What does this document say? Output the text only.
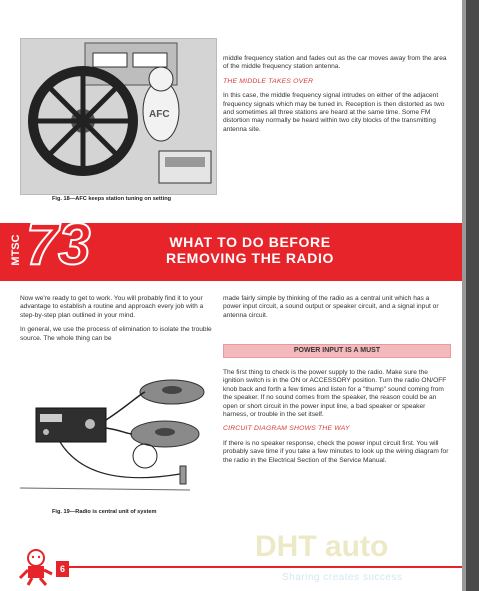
AFC
Fig. 18—AFC keeps station tuning on setting

middle frequency station and fades out as the car moves away from the area of the middle frequency station antenna.

THE MIDDLE TAKES OVER

In this case, the middle frequency signal intrudes on either of the adjacent frequency signals which may be tuned in. Reception is then distorted as two and sometimes all three stations are heard at the same time. Some FM distortion may normally be heard within two city blocks of the transmitting antenna site.

MTSC 73	WHAT TO DO BEFORE
REMOVING THE RADIO

Now we're ready to get to work. You will probably find it to your advantage to establish a routine and approach every job with a step-by-step plan outlined in your mind.

In general, we use the process of elimination to isolate the trouble source. The whole thing can be

Fig. 19—Radio is central unit of system

made fairly simple by thinking of the radio as a central unit which has a power input circuit, a sound output or speaker circuit, and a signal input or antenna circuit.

POWER INPUT IS A MUST

The first thing to check is the power supply to the radio. Make sure the ignition switch is in the ON or ACCESSORY position. Turn the radio ON/OFF knob back and forth a few times and listen for a "thump" sound coming from the speaker. If no sound comes from the speaker, the reason could be an open or short circuit in the power input line, a bad speaker or speaker harness, or trouble in the set itself.

CIRCUIT DIAGRAM SHOWS THE WAY

If there is no speaker response, check the power input circuit first. You will probably save time if you take a few minutes to look up the wiring diagram for the radio in the Electrical Section of the Service Manual.

6
DHT auto
Sharing creates success
